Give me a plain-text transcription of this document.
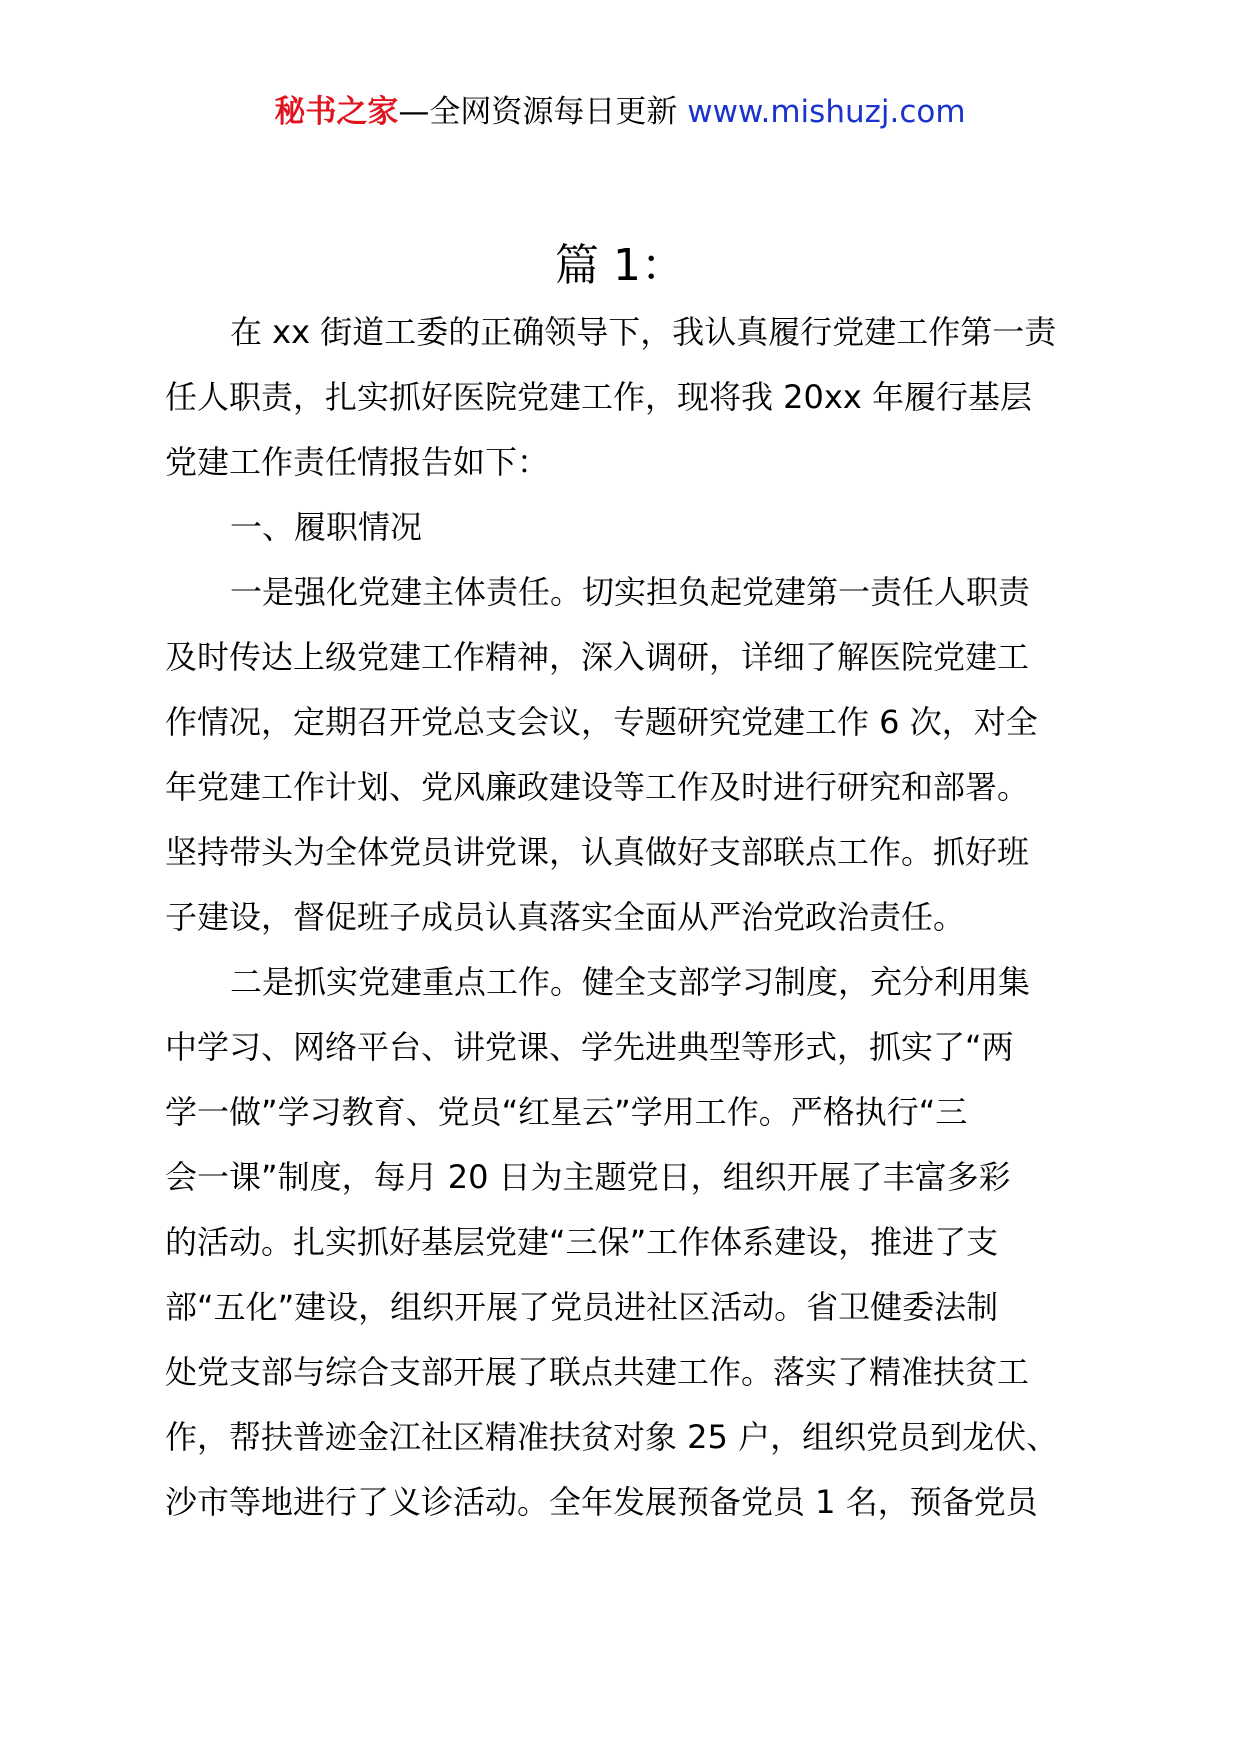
秘书之家—全网资源每日更新 www.mishuzj.com
篇 1：
在 xx 街道工委的正确领导下，我认真履行党建工作第一责
任人职责，扎实抓好医院党建工作，现将我 20xx 年履行基层
党建工作责任情报告如下：
一、履职情况
一是强化党建主体责任。切实担负起党建第一责任人职责
及时传达上级党建工作精神，深入调研，详细了解医院党建工
作情况，定期召开党总支会议，专题研究党建工作 6 次，对全
年党建工作计划、党风廉政建设等工作及时进行研究和部署。
坚持带头为全体党员讲党课，认真做好支部联点工作。抓好班
子建设，督促班子成员认真落实全面从严治党政治责任。
二是抓实党建重点工作。健全支部学习制度，充分利用集
中学习、网络平台、讲党课、学先进典型等形式，抓实了“两
学一做”学习教育、党员“红星云”学用工作。严格执行“三
会一课”制度，每月 20 日为主题党日，组织开展了丰富多彩
的活动。扎实抓好基层党建“三保”工作体系建设，推进了支
部“五化”建设，组织开展了党员进社区活动。省卫健委法制
处党支部与综合支部开展了联点共建工作。落实了精准扶贫工
作，帮扶普迹金江社区精准扶贫对象 25 户，组织党员到龙伏、
沙市等地进行了义诊活动。全年发展预备党员 1 名，预备党员
